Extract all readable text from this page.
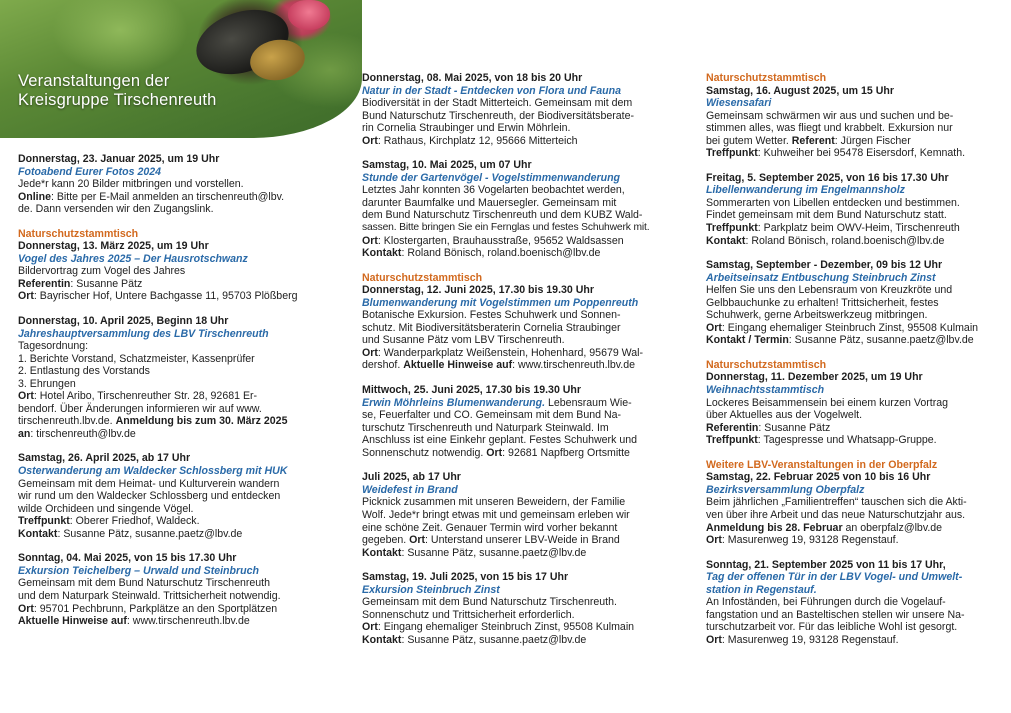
Veranstaltungen der
Kreisgruppe Tirschenreuth
Donnerstag, 23. Januar 2025, um 19 Uhr
Fotoabend Eurer Fotos 2024
Jede*r kann 20 Bilder mitbringen und vorstellen.
Online: Bitte per E-Mail anmelden an tirschenreuth@lbv.
de. Dann versenden wir den Zugangslink.
Naturschutzstammtisch
Donnerstag, 13. März 2025, um 19 Uhr
Vogel des Jahres 2025 – Der Hausrotschwanz
Bildervortrag zum Vogel des Jahres
Referentin: Susanne Pätz
Ort: Bayrischer Hof, Untere Bachgasse 11, 95703 Plößberg
Donnerstag, 10. April 2025, Beginn 18 Uhr
Jahreshauptversammlung des LBV Tirschenreuth
Tagesordnung:
1. Berichte Vorstand, Schatzmeister, Kassenprüfer
2. Entlastung des Vorstands
3. Ehrungen
Ort: Hotel Aribo, Tirschenreuther Str. 28, 92681 Er-
bendorf. Über Änderungen informieren wir auf www.
tirschenreuth.lbv.de. Anmeldung bis zum 30. März 2025
an: tirschenreuth@lbv.de
Samstag, 26. April 2025, ab 17 Uhr
Osterwanderung am Waldecker Schlossberg mit HUK
Gemeinsam mit dem Heimat- und Kulturverein wandern
wir rund um den Waldecker Schlossberg und entdecken
wilde Orchideen und singende Vögel.
Treffpunkt: Oberer Friedhof, Waldeck.
Kontakt: Susanne Pätz, susanne.paetz@lbv.de
Sonntag, 04. Mai 2025, von 15 bis 17.30 Uhr
Exkursion Teichelberg – Urwald und Steinbruch
Gemeinsam mit dem Bund Naturschutz Tirschenreuth
und dem Naturpark Steinwald. Trittsicherheit notwendig.
Ort: 95701 Pechbrunn, Parkplätze an den Sportplätzen
Aktuelle Hinweise auf: www.tirschenreuth.lbv.de
Donnerstag, 08. Mai 2025, von 18 bis 20 Uhr
Natur in der Stadt - Entdecken von Flora und Fauna
Biodiversität in der Stadt Mitterteich. Gemeinsam mit dem
Bund Naturschutz Tirschenreuth, der Biodiversitätsberate-
rin Cornelia Straubinger und Erwin Möhrlein.
Ort: Rathaus, Kirchplatz 12, 95666 Mitterteich
Samstag, 10. Mai 2025, um 07 Uhr
Stunde der Gartenvögel - Vogelstimmenwanderung
Letztes Jahr konnten 36 Vogelarten beobachtet werden,
darunter Baumfalke und Mauersegler. Gemeinsam mit
dem Bund Naturschutz Tirschenreuth und dem KUBZ Wald-
sassen. Bitte bringen Sie ein Fernglas und festes Schuhwerk mit.
Ort: Klostergarten, Brauhausstraße, 95652 Waldsassen
Kontakt: Roland Bönisch, roland.boenisch@lbv.de
Naturschutzstammtisch
Donnerstag, 12. Juni 2025, 17.30 bis 19.30 Uhr
Blumenwanderung mit Vogelstimmen um Poppenreuth
Botanische Exkursion. Festes Schuhwerk und Sonnen-
schutz. Mit Biodiversitätsberaterin Cornelia Straubinger
und Susanne Pätz vom LBV Tirschenreuth.
Ort: Wanderparkplatz Weißenstein, Hohenhard, 95679 Wal-
dershof. Aktuelle Hinweise auf: www.tirschenreuth.lbv.de
Mittwoch, 25. Juni 2025, 17.30 bis 19.30 Uhr
Erwin Möhrleins Blumenwanderung. Lebensraum Wie-
se, Feuerfalter und CO. Gemeinsam mit dem Bund Na-
turschutz Tirschenreuth und Naturpark Steinwald. Im
Anschluss ist eine Einkehr geplant. Festes Schuhwerk und
Sonnenschutz notwendig. Ort: 92681 Napfberg Ortsmitte
Juli 2025, ab 17 Uhr
Weidefest in Brand
Picknick zusammen mit unseren Beweidern, der Familie
Wolf. Jede*r bringt etwas mit und gemeinsam erleben wir
eine schöne Zeit. Genauer Termin wird vorher bekannt
gegeben. Ort: Unterstand unserer LBV-Weide in Brand
Kontakt: Susanne Pätz, susanne.paetz@lbv.de
Samstag, 19. Juli 2025, von 15 bis 17 Uhr
Exkursion Steinbruch Zinst
Gemeinsam mit dem Bund Naturschutz Tirschenreuth.
Sonnenschutz und Trittsicherheit erforderlich.
Ort: Eingang ehemaliger Steinbruch Zinst, 95508 Kulmain
Kontakt: Susanne Pätz, susanne.paetz@lbv.de
Naturschutzstammtisch
Samstag, 16. August 2025, um 15 Uhr
Wiesensafari
Gemeinsam schwärmen wir aus und suchen und be-
stimmen alles, was fliegt und krabbelt. Exkursion nur
bei gutem Wetter. Referent: Jürgen Fischer
Treffpunkt: Kuhweiher bei 95478 Eisersdorf, Kemnath.
Freitag, 5. September 2025, von 16 bis 17.30 Uhr
Libellenwanderung im Engelmannsholz
Sommerarten von Libellen entdecken und bestimmen.
Findet gemeinsam mit dem Bund Naturschutz statt.
Treffpunkt: Parkplatz beim OWV-Heim, Tirschenreuth
Kontakt: Roland Bönisch, roland.boenisch@lbv.de
Samstag, September - Dezember, 09 bis 12 Uhr
Arbeitseinsatz Entbuschung Steinbruch Zinst
Helfen Sie uns den Lebensraum von Kreuzkröte und
Gelbbauchunke zu erhalten! Trittsicherheit, festes
Schuhwerk, gerne Arbeitswerkzeug mitbringen.
Ort: Eingang ehemaliger Steinbruch Zinst, 95508 Kulmain
Kontakt / Termin: Susanne Pätz, susanne.paetz@lbv.de
Naturschutzstammtisch
Donnerstag, 11. Dezember 2025, um 19 Uhr
Weihnachtsstammtisch
Lockeres Beisammensein bei einem kurzen Vortrag
über Aktuelles aus der Vogelwelt.
Referentin: Susanne Pätz
Treffpunkt: Tagespresse und Whatsapp-Gruppe.
Weitere LBV-Veranstaltungen in der Oberpfalz
Samstag, 22. Februar 2025 von 10 bis 16 Uhr
Bezirksversammlung Oberpfalz
Beim jährlichen „Familientreffen“ tauschen sich die Akti-
ven über ihre Arbeit und das neue Naturschutzjahr aus.
Anmeldung bis 28. Februar an oberpfalz@lbv.de
Ort: Masurenweg 19, 93128 Regenstauf.
Sonntag, 21. September 2025 von 11 bis 17 Uhr,
Tag der offenen Tür in der LBV Vogel- und Umwelt-
station in Regenstauf.
An Infoständen, bei Führungen durch die Vogelauf-
fangstation und an Basteltischen stellen wir unsere Na-
turschutzarbeit vor. Für das leibliche Wohl ist gesorgt.
Ort: Masurenweg 19, 93128 Regenstauf.
